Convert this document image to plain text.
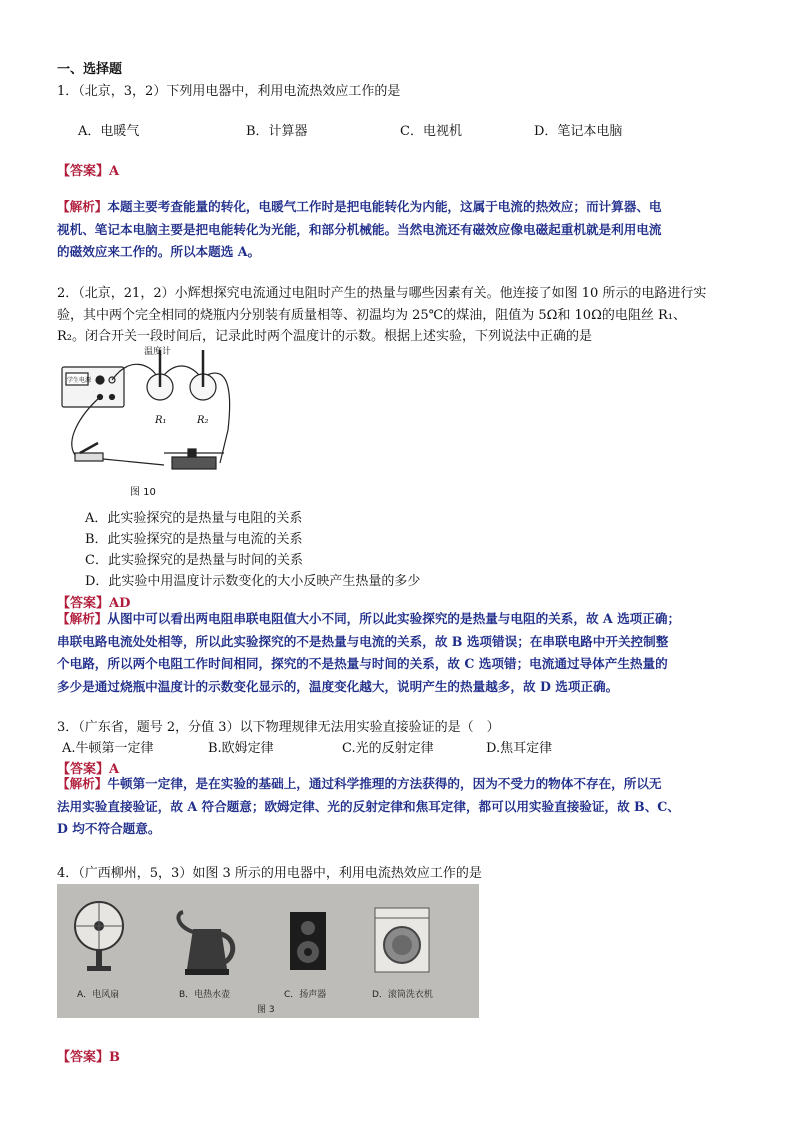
一、选择题
1．（北京，3，2）下列用电器中，利用电流热效应工作的是
A．电暖气	B．计算器	C．电视机	D．笔记本电脑
【答案】A
【解析】本题主要考查能量的转化，电暖气工作时是把电能转化为内能，这属于电流的热效应；而计算器、电
视机、笔记本电脑主要是把电能转化为光能，和部分机械能。当然电流还有磁效应像电磁起重机就是利用电流
的磁效应来工作的。所以本题选 A。
2．（北京，21，2）小辉想探究电流通过电阻时产生的热量与哪些因素有关。他连接了如图 10 所示的电路进行实
验，其中两个完全相同的烧瓶内分别装有质量相等、初温均为 25℃的煤油，阻值为 5Ω和 10Ω的电阻丝 R₁、
R₂。闭合开关一段时间后，记录此时两个温度计的示数。根据上述实验，下列说法中正确的是
温度计
R₁	R₂
学生电源
图 10
A．此实验探究的是热量与电阻的关系
B．此实验探究的是热量与电流的关系
C．此实验探究的是热量与时间的关系
D．此实验中用温度计示数变化的大小反映产生热量的多少
【答案】AD
【解析】从图中可以看出两电阻串联电阻值大小不同，所以此实验探究的是热量与电阻的关系，故 A 选项正确；
串联电路电流处处相等，所以此实验探究的不是热量与电流的关系，故 B 选项错误；在串联电路中开关控制整
个电路，所以两个电阻工作时间相同，探究的不是热量与时间的关系，故 C 选项错；电流通过导体产生热量的
多少是通过烧瓶中温度计的示数变化显示的，温度变化越大，说明产生的热量越多，故 D 选项正确。
3．（广东省，题号 2，分值 3）以下物理规律无法用实验直接验证的是（　）
A.牛顿第一定律	B.欧姆定律	C.光的反射定律	D.焦耳定律
【答案】A
【解析】牛顿第一定律，是在实验的基础上，通过科学推理的方法获得的，因为不受力的物体不存在，所以无
法用实验直接验证，故 A 符合题意；欧姆定律、光的反射定律和焦耳定律，都可以用实验直接验证，故 B、C、
D 均不符合题意。
4．（广西柳州，5，3）如图 3 所示的用电器中，利用电流热效应工作的是
A．电风扇	B．电热水壶	C．扬声器	D．滚筒洗衣机
图 3
【答案】B
